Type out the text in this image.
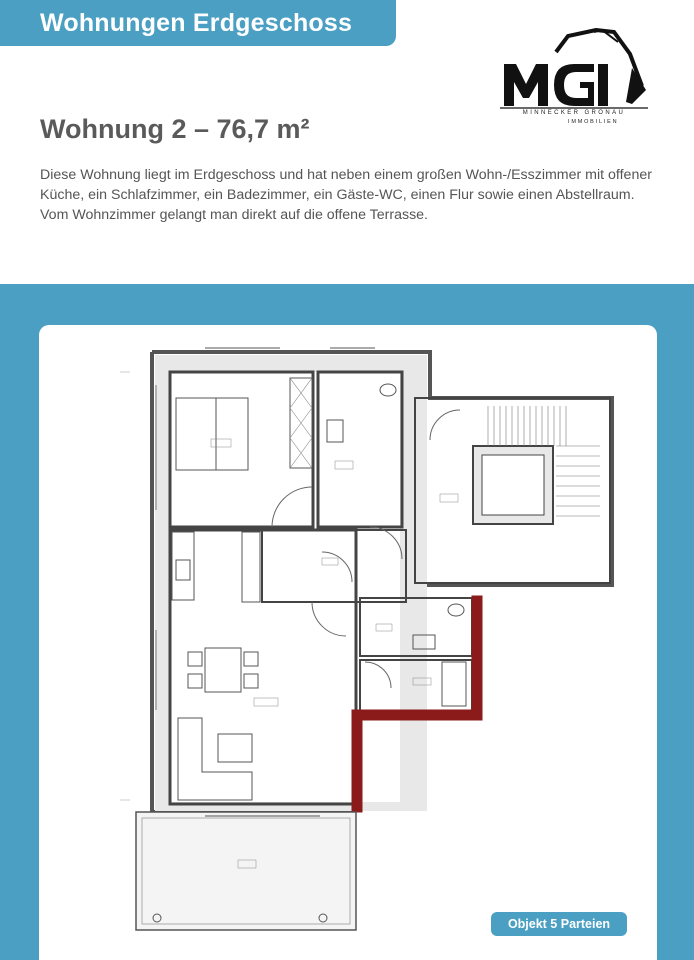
Wohnungen Erdgeschoss
MINNECKER GRONAU
IMMOBILIEN
Wohnung 2 – 76,7 m²
Diese Wohnung liegt im Erdgeschoss und hat neben einem großen Wohn-/Esszimmer mit offener Küche, ein Schlafzimmer, ein Badezimmer, ein Gäste-WC, einen Flur sowie einen Abstellraum. Vom Wohnzimmer gelangt man direkt auf die offene Terrasse.
Objekt 5 Parteien
